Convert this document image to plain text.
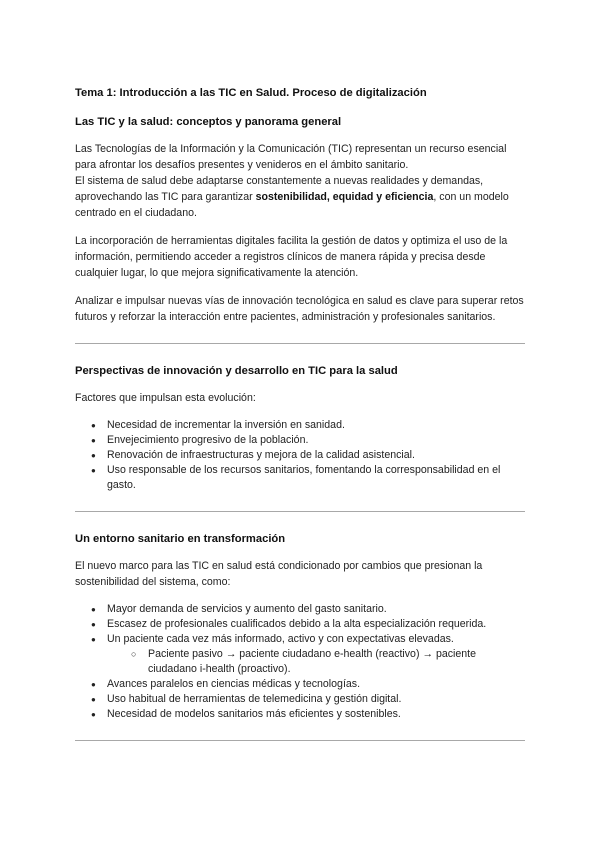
Tema 1: Introducción a las TIC en Salud. Proceso de digitalización
Las TIC y la salud: conceptos y panorama general

Las Tecnologías de la Información y la Comunicación (TIC) representan un recurso esencial para afrontar los desafíos presentes y venideros en el ámbito sanitario.
El sistema de salud debe adaptarse constantemente a nuevas realidades y demandas, aprovechando las TIC para garantizar sostenibilidad, equidad y eficiencia, con un modelo centrado en el ciudadano.

La incorporación de herramientas digitales facilita la gestión de datos y optimiza el uso de la información, permitiendo acceder a registros clínicos de manera rápida y precisa desde cualquier lugar, lo que mejora significativamente la atención.

Analizar e impulsar nuevas vías de innovación tecnológica en salud es clave para superar retos futuros y reforzar la interacción entre pacientes, administración y profesionales sanitarios.

Perspectivas de innovación y desarrollo en TIC para la salud

Factores que impulsan esta evolución:

● Necesidad de incrementar la inversión en sanidad.
● Envejecimiento progresivo de la población.
● Renovación de infraestructuras y mejora de la calidad asistencial.
● Uso responsable de los recursos sanitarios, fomentando la corresponsabilidad en el gasto.
Un entorno sanitario en transformación

El nuevo marco para las TIC en salud está condicionado por cambios que presionan la sostenibilidad del sistema, como:

● Mayor demanda de servicios y aumento del gasto sanitario.
● Escasez de profesionales cualificados debido a la alta especialización requerida.
● Un paciente cada vez más informado, activo y con expectativas elevadas.
○ Paciente pasivo → paciente ciudadano e-health (reactivo) → paciente ciudadano i-health (proactivo).
● Avances paralelos en ciencias médicas y tecnologías.
● Uso habitual de herramientas de telemedicina y gestión digital.
● Necesidad de modelos sanitarios más eficientes y sostenibles.
